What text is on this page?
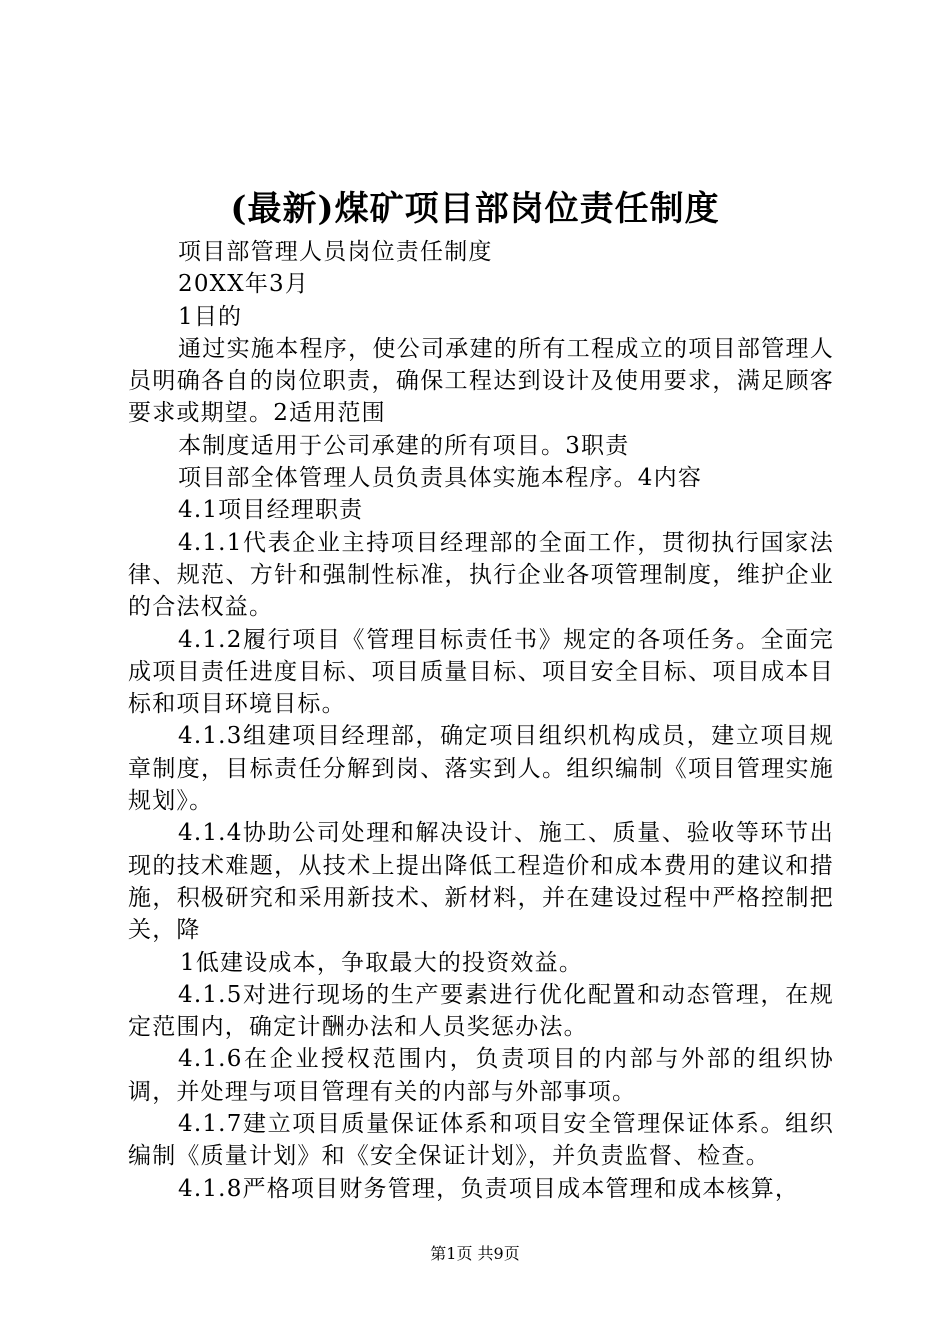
(最新)煤矿项目部岗位责任制度

项目部管理人员岗位责任制度

20XX年3月

1目的

通过实施本程序，使公司承建的所有工程成立的项目部管理人员明确各自的岗位职责，确保工程达到设计及使用要求，满足顾客要求或期望。2适用范围

本制度适用于公司承建的所有项目。3职责

项目部全体管理人员负责具体实施本程序。4内容

4.1项目经理职责

4.1.1代表企业主持项目经理部的全面工作，贯彻执行国家法律、规范、方针和强制性标准，执行企业各项管理制度，维护企业的合法权益。

4.1.2履行项目《管理目标责任书》规定的各项任务。全面完成项目责任进度目标、项目质量目标、项目安全目标、项目成本目标和项目环境目标。

4.1.3组建项目经理部，确定项目组织机构成员，建立项目规章制度，目标责任分解到岗、落实到人。组织编制《项目管理实施规划》。

4.1.4协助公司处理和解决设计、施工、质量、验收等环节出现的技术难题，从技术上提出降低工程造价和成本费用的建议和措施，积极研究和采用新技术、新材料，并在建设过程中严格控制把关，降

1低建设成本，争取最大的投资效益。

4.1.5对进行现场的生产要素进行优化配置和动态管理，在规定范围内，确定计酬办法和人员奖惩办法。

4.1.6在企业授权范围内，负责项目的内部与外部的组织协调，并处理与项目管理有关的内部与外部事项。

4.1.7建立项目质量保证体系和项目安全管理保证体系。组织编制《质量计划》和《安全保证计划》，并负责监督、检查。

4.1.8严格项目财务管理，负责项目成本管理和成本核算，

第1页 共9页
